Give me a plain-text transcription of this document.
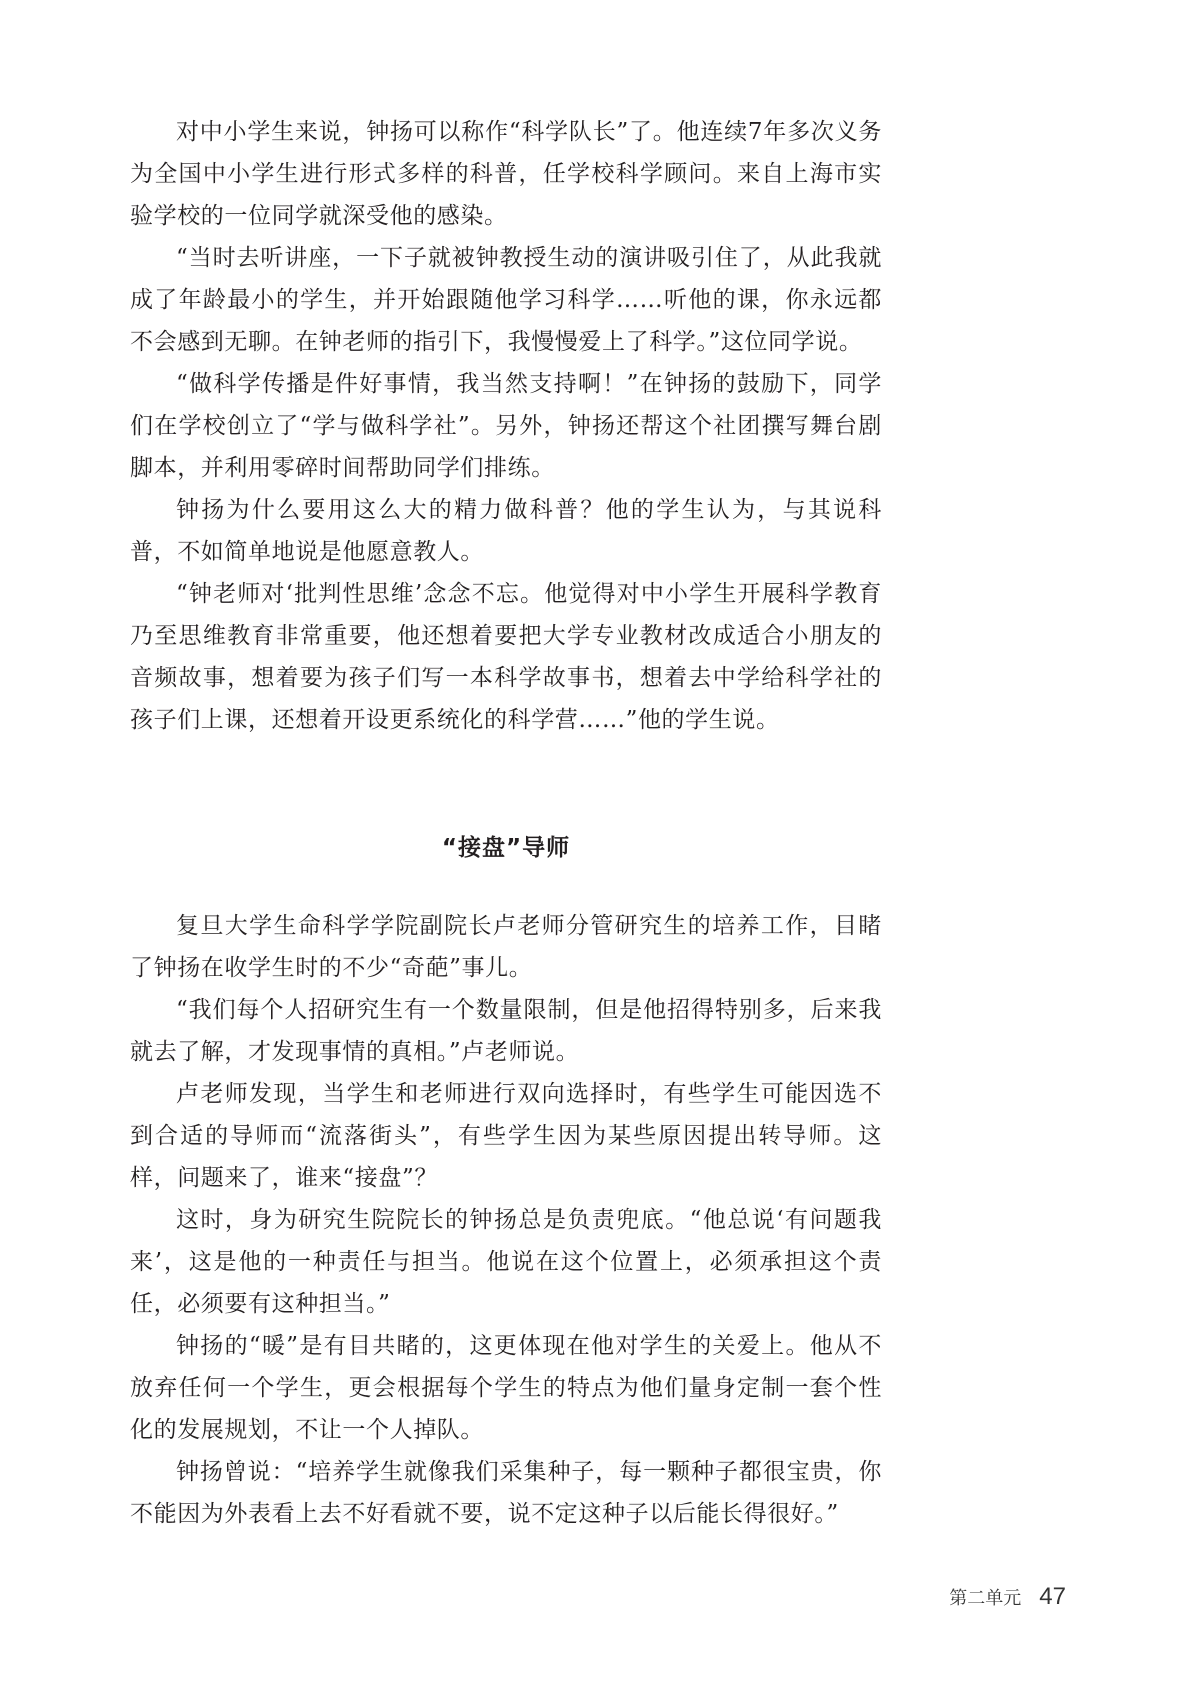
对中小学生来说，钟扬可以称作“科学队长”了。他连续7年多次义务为全国中小学生进行形式多样的科普，任学校科学顾问。来自上海市实验学校的一位同学就深受他的感染。

“当时去听讲座，一下子就被钟教授生动的演讲吸引住了，从此我就成了年龄最小的学生，并开始跟随他学习科学……听他的课，你永远都不会感到无聊。在钟老师的指引下，我慢慢爱上了科学。”这位同学说。

“做科学传播是件好事情，我当然支持啊！”在钟扬的鼓励下，同学们在学校创立了“学与做科学社”。另外，钟扬还帮这个社团撰写舞台剧脚本，并利用零碎时间帮助同学们排练。

钟扬为什么要用这么大的精力做科普？他的学生认为，与其说科普，不如简单地说是他愿意教人。

“钟老师对‘批判性思维’念念不忘。他觉得对中小学生开展科学教育乃至思维教育非常重要，他还想着要把大学专业教材改成适合小朋友的音频故事，想着要为孩子们写一本科学故事书，想着去中学给科学社的孩子们上课，还想着开设更系统化的科学营……”他的学生说。

“接盘”导师

复旦大学生命科学学院副院长卢老师分管研究生的培养工作，目睹了钟扬在收学生时的不少“奇葩”事儿。

“我们每个人招研究生有一个数量限制，但是他招得特别多，后来我就去了解，才发现事情的真相。”卢老师说。

卢老师发现，当学生和老师进行双向选择时，有些学生可能因选不到合适的导师而“流落街头”，有些学生因为某些原因提出转导师。这样，问题来了，谁来“接盘”？

这时，身为研究生院院长的钟扬总是负责兜底。“他总说‘有问题我来’，这是他的一种责任与担当。他说在这个位置上，必须承担这个责任，必须要有这种担当。”

钟扬的“暖”是有目共睹的，这更体现在他对学生的关爱上。他从不放弃任何一个学生，更会根据每个学生的特点为他们量身定制一套个性化的发展规划，不让一个人掉队。

钟扬曾说：“培养学生就像我们采集种子，每一颗种子都很宝贵，你不能因为外表看上去不好看就不要，说不定这种子以后能长得很好。”

第二单元 47
